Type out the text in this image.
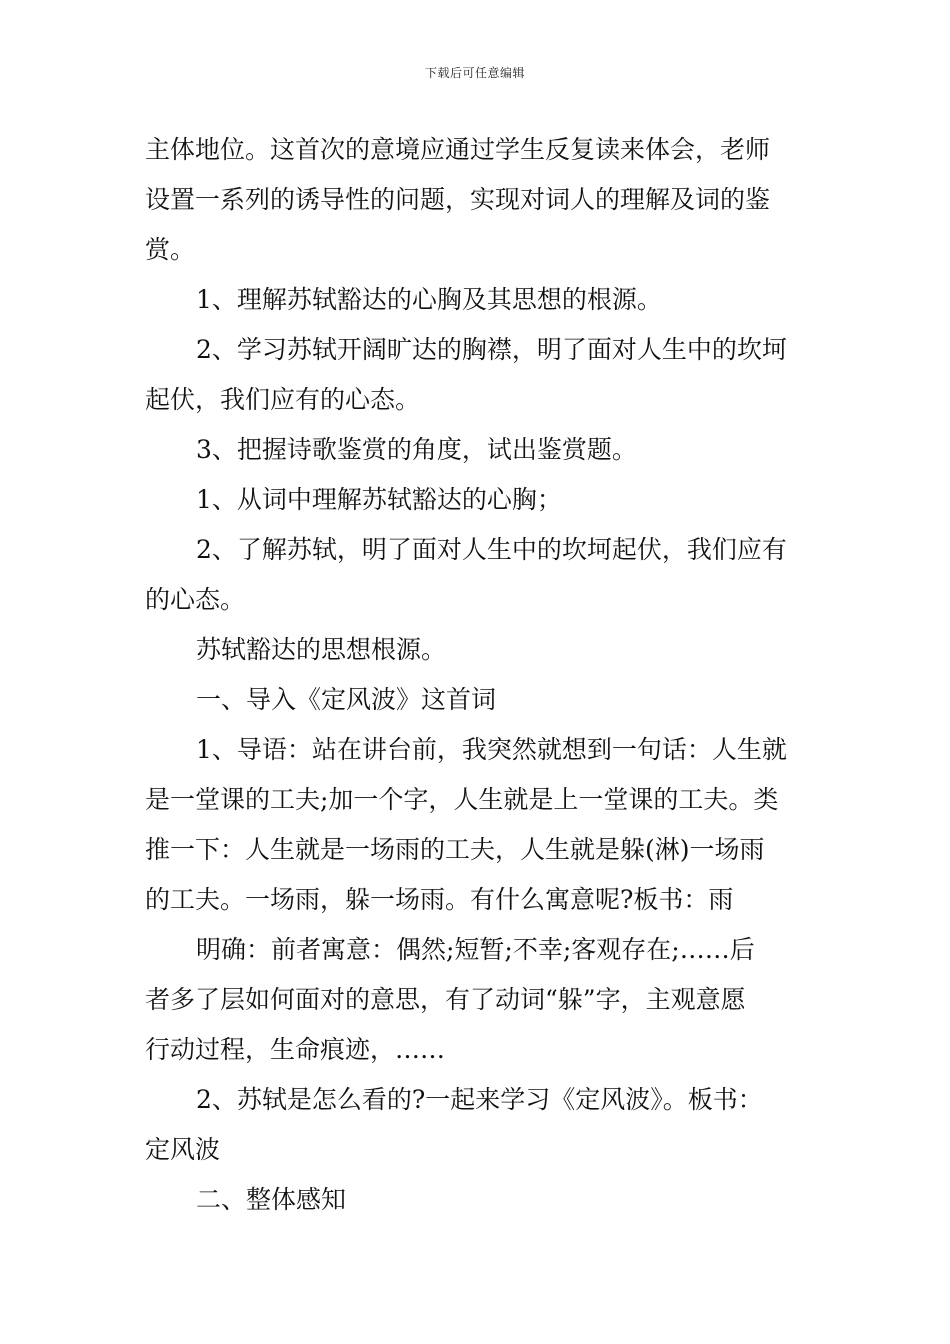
下载后可任意编辑
主体地位。这首次的意境应通过学生反复读来体会，老师
设置一系列的诱导性的问题，实现对词人的理解及词的鉴
赏。
1、理解苏轼豁达的心胸及其思想的根源。
2、学习苏轼开阔旷达的胸襟，明了面对人生中的坎坷
起伏，我们应有的心态。
3、把握诗歌鉴赏的角度，试出鉴赏题。
1、从词中理解苏轼豁达的心胸；
2、了解苏轼，明了面对人生中的坎坷起伏，我们应有
的心态。
苏轼豁达的思想根源。
一、导入《定风波》这首词
1、导语：站在讲台前，我突然就想到一句话：人生就
是一堂课的工夫;加一个字，人生就是上一堂课的工夫。类
推一下：人生就是一场雨的工夫，人生就是躲(淋)一场雨
的工夫。一场雨，躲一场雨。有什么寓意呢?板书：雨
明确：前者寓意：偶然;短暂;不幸;客观存在;……后
者多了层如何面对的意思，有了动词“躲”字，主观意愿
行动过程，生命痕迹，……
2、苏轼是怎么看的?一起来学习《定风波》。板书：
定风波
二、整体感知
